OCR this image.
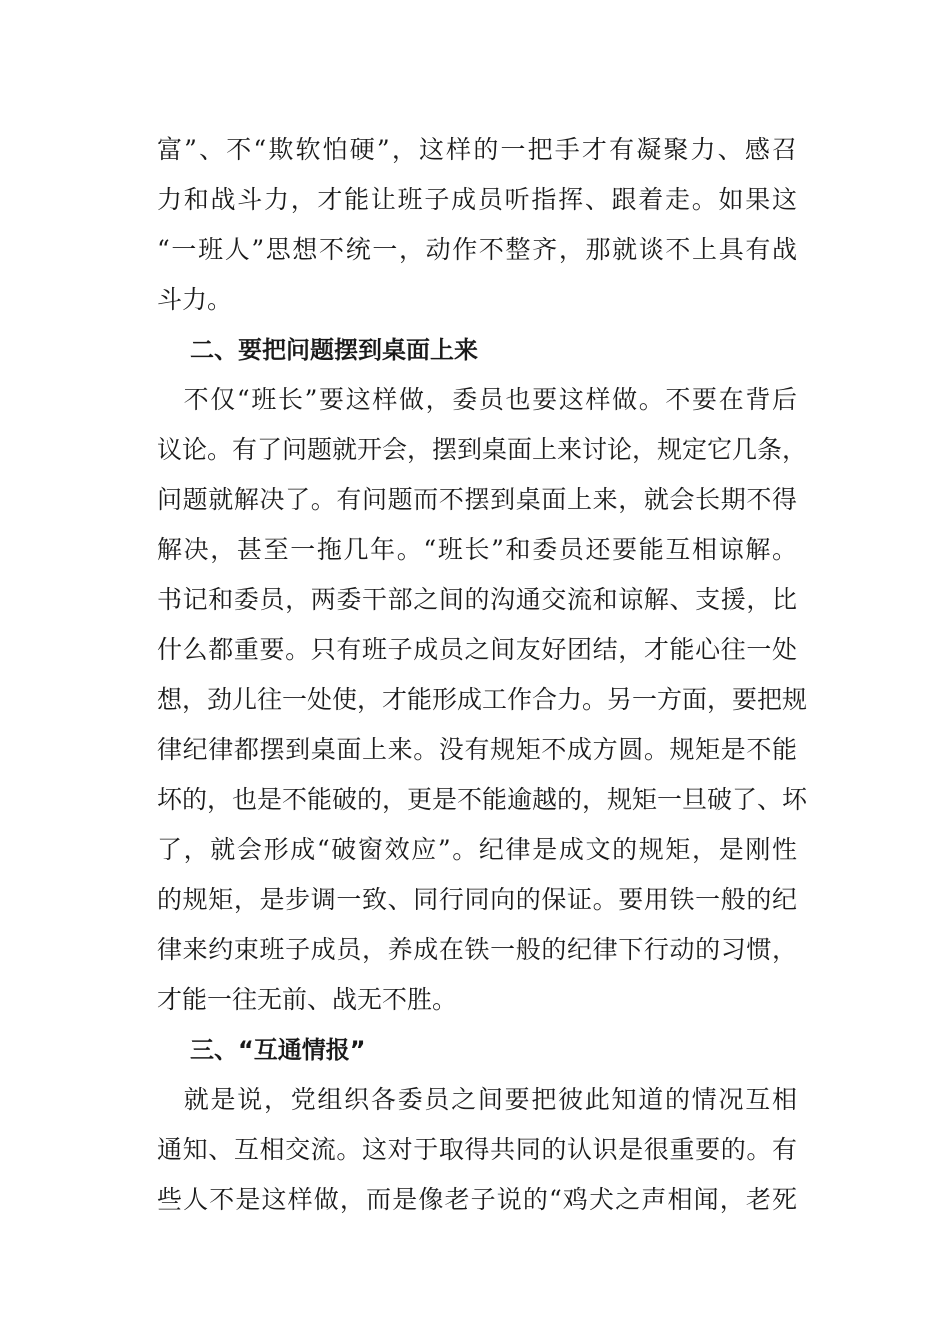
富”、不“欺软怕硬”，这样的一把手才有凝聚力、感召
力和战斗力，才能让班子成员听指挥、跟着走。如果这
“一班人”思想不统一，动作不整齐，那就谈不上具有战
斗力。
二、要把问题摆到桌面上来
　不仅“班长”要这样做，委员也要这样做。不要在背后
议论。有了问题就开会，摆到桌面上来讨论，规定它几条，
问题就解决了。有问题而不摆到桌面上来，就会长期不得
解决，甚至一拖几年。“班长”和委员还要能互相谅解。
书记和委员，两委干部之间的沟通交流和谅解、支援，比
什么都重要。只有班子成员之间友好团结，才能心往一处
想，劲儿往一处使，才能形成工作合力。另一方面，要把规
律纪律都摆到桌面上来。没有规矩不成方圆。规矩是不能
坏的，也是不能破的，更是不能逾越的，规矩一旦破了、坏
了，就会形成“破窗效应”。纪律是成文的规矩，是刚性
的规矩，是步调一致、同行同向的保证。要用铁一般的纪
律来约束班子成员，养成在铁一般的纪律下行动的习惯，
才能一往无前、战无不胜。
三、“互通情报”
　就是说，党组织各委员之间要把彼此知道的情况互相
通知、互相交流。这对于取得共同的认识是很重要的。有
些人不是这样做，而是像老子说的“鸡犬之声相闻，老死
